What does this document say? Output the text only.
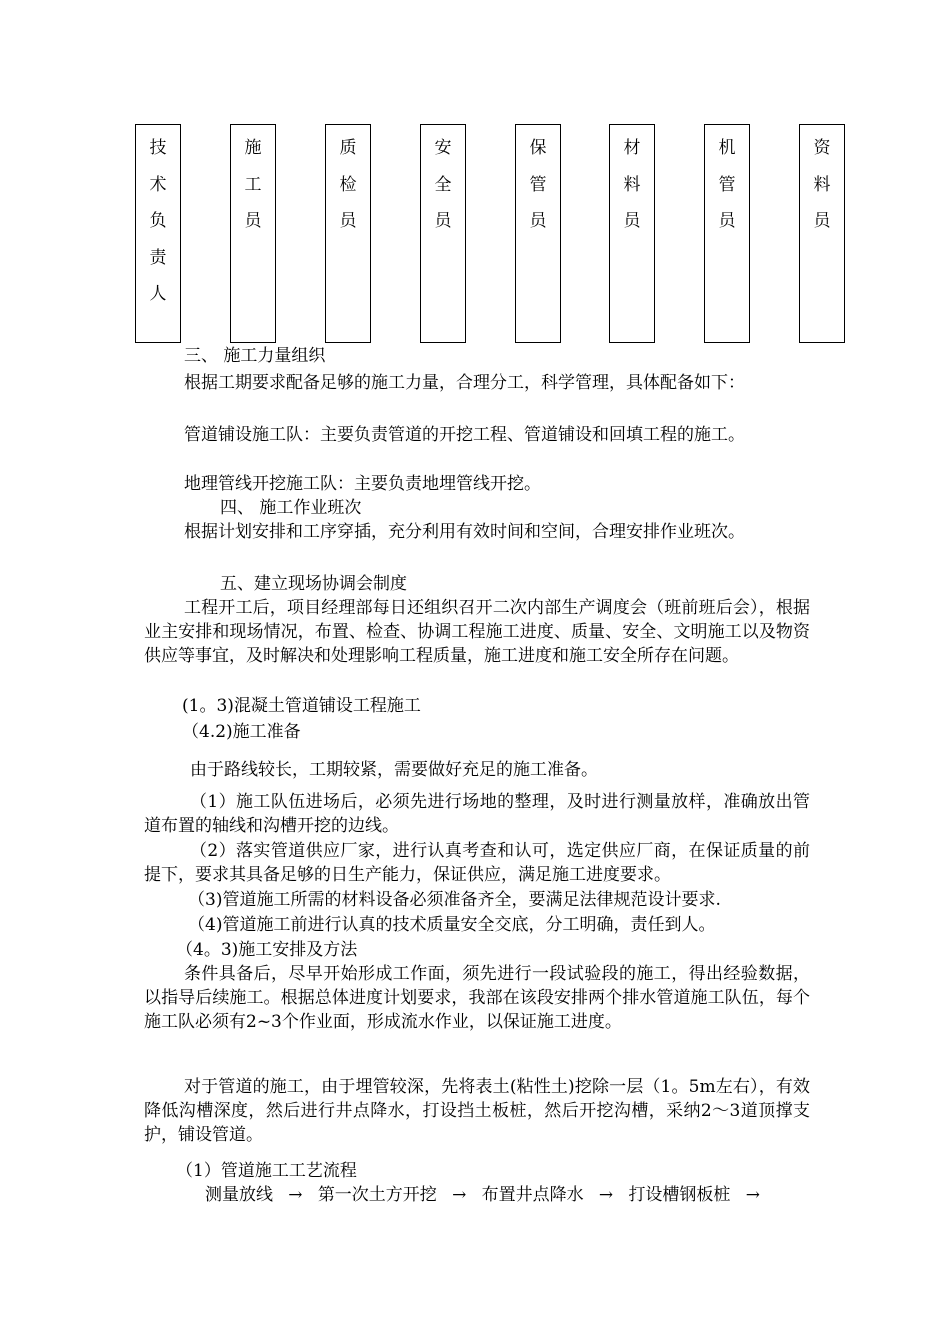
技
术
负
责
人
施
工
员
质
检
员
安
全
员
保
管
员
材
料
员
机
管
员
资
料
员
三、 施工力量组织
根据工期要求配备足够的施工力量，合理分工，科学管理，具体配备如下：
管道铺设施工队：主要负责管道的开挖工程、管道铺设和回填工程的施工。
地理管线开挖施工队：主要负责地埋管线开挖。
四、 施工作业班次
根据计划安排和工序穿插，充分利用有效时间和空间，合理安排作业班次。
五、建立现场协调会制度
工程开工后，项目经理部每日还组织召开二次内部生产调度会（班前班后会），根据业主安排和现场情况，布置、检查、协调工程施工进度、质量、安全、文明施工以及物资供应等事宜，及时解决和处理影响工程质量，施工进度和施工安全所存在问题。
(1。3)混凝土管道铺设工程施工
（4.2)施工准备
由于路线较长，工期较紧，需要做好充足的施工准备。
（1）施工队伍进场后，必须先进行场地的整理，及时进行测量放样，准确放出管道布置的轴线和沟槽开挖的边线。
（2）落实管道供应厂家，进行认真考查和认可，选定供应厂商，在保证质量的前提下，要求其具备足够的日生产能力，保证供应，满足施工进度要求。
（3)管道施工所需的材料设备必须准备齐全，要满足法律规范设计要求.
（4)管道施工前进行认真的技术质量安全交底，分工明确，责任到人。
（4。3)施工安排及方法
条件具备后，尽早开始形成工作面，须先进行一段试验段的施工，得出经验数据，以指导后续施工。根据总体进度计划要求，我部在该段安排两个排水管道施工队伍，每个施工队必须有2~3个作业面，形成流水作业，以保证施工进度。
对于管道的施工，由于埋管较深，先将表土(粘性土)挖除一层（1。5m左右），有效降低沟槽深度，然后进行井点降水，打设挡土板桩，然后开挖沟槽，采纳2～3道顶撑支护，铺设管道。
（1）管道施工工艺流程
测量放线 → 第一次土方开挖 → 布置井点降水 → 打设槽钢板桩 →
